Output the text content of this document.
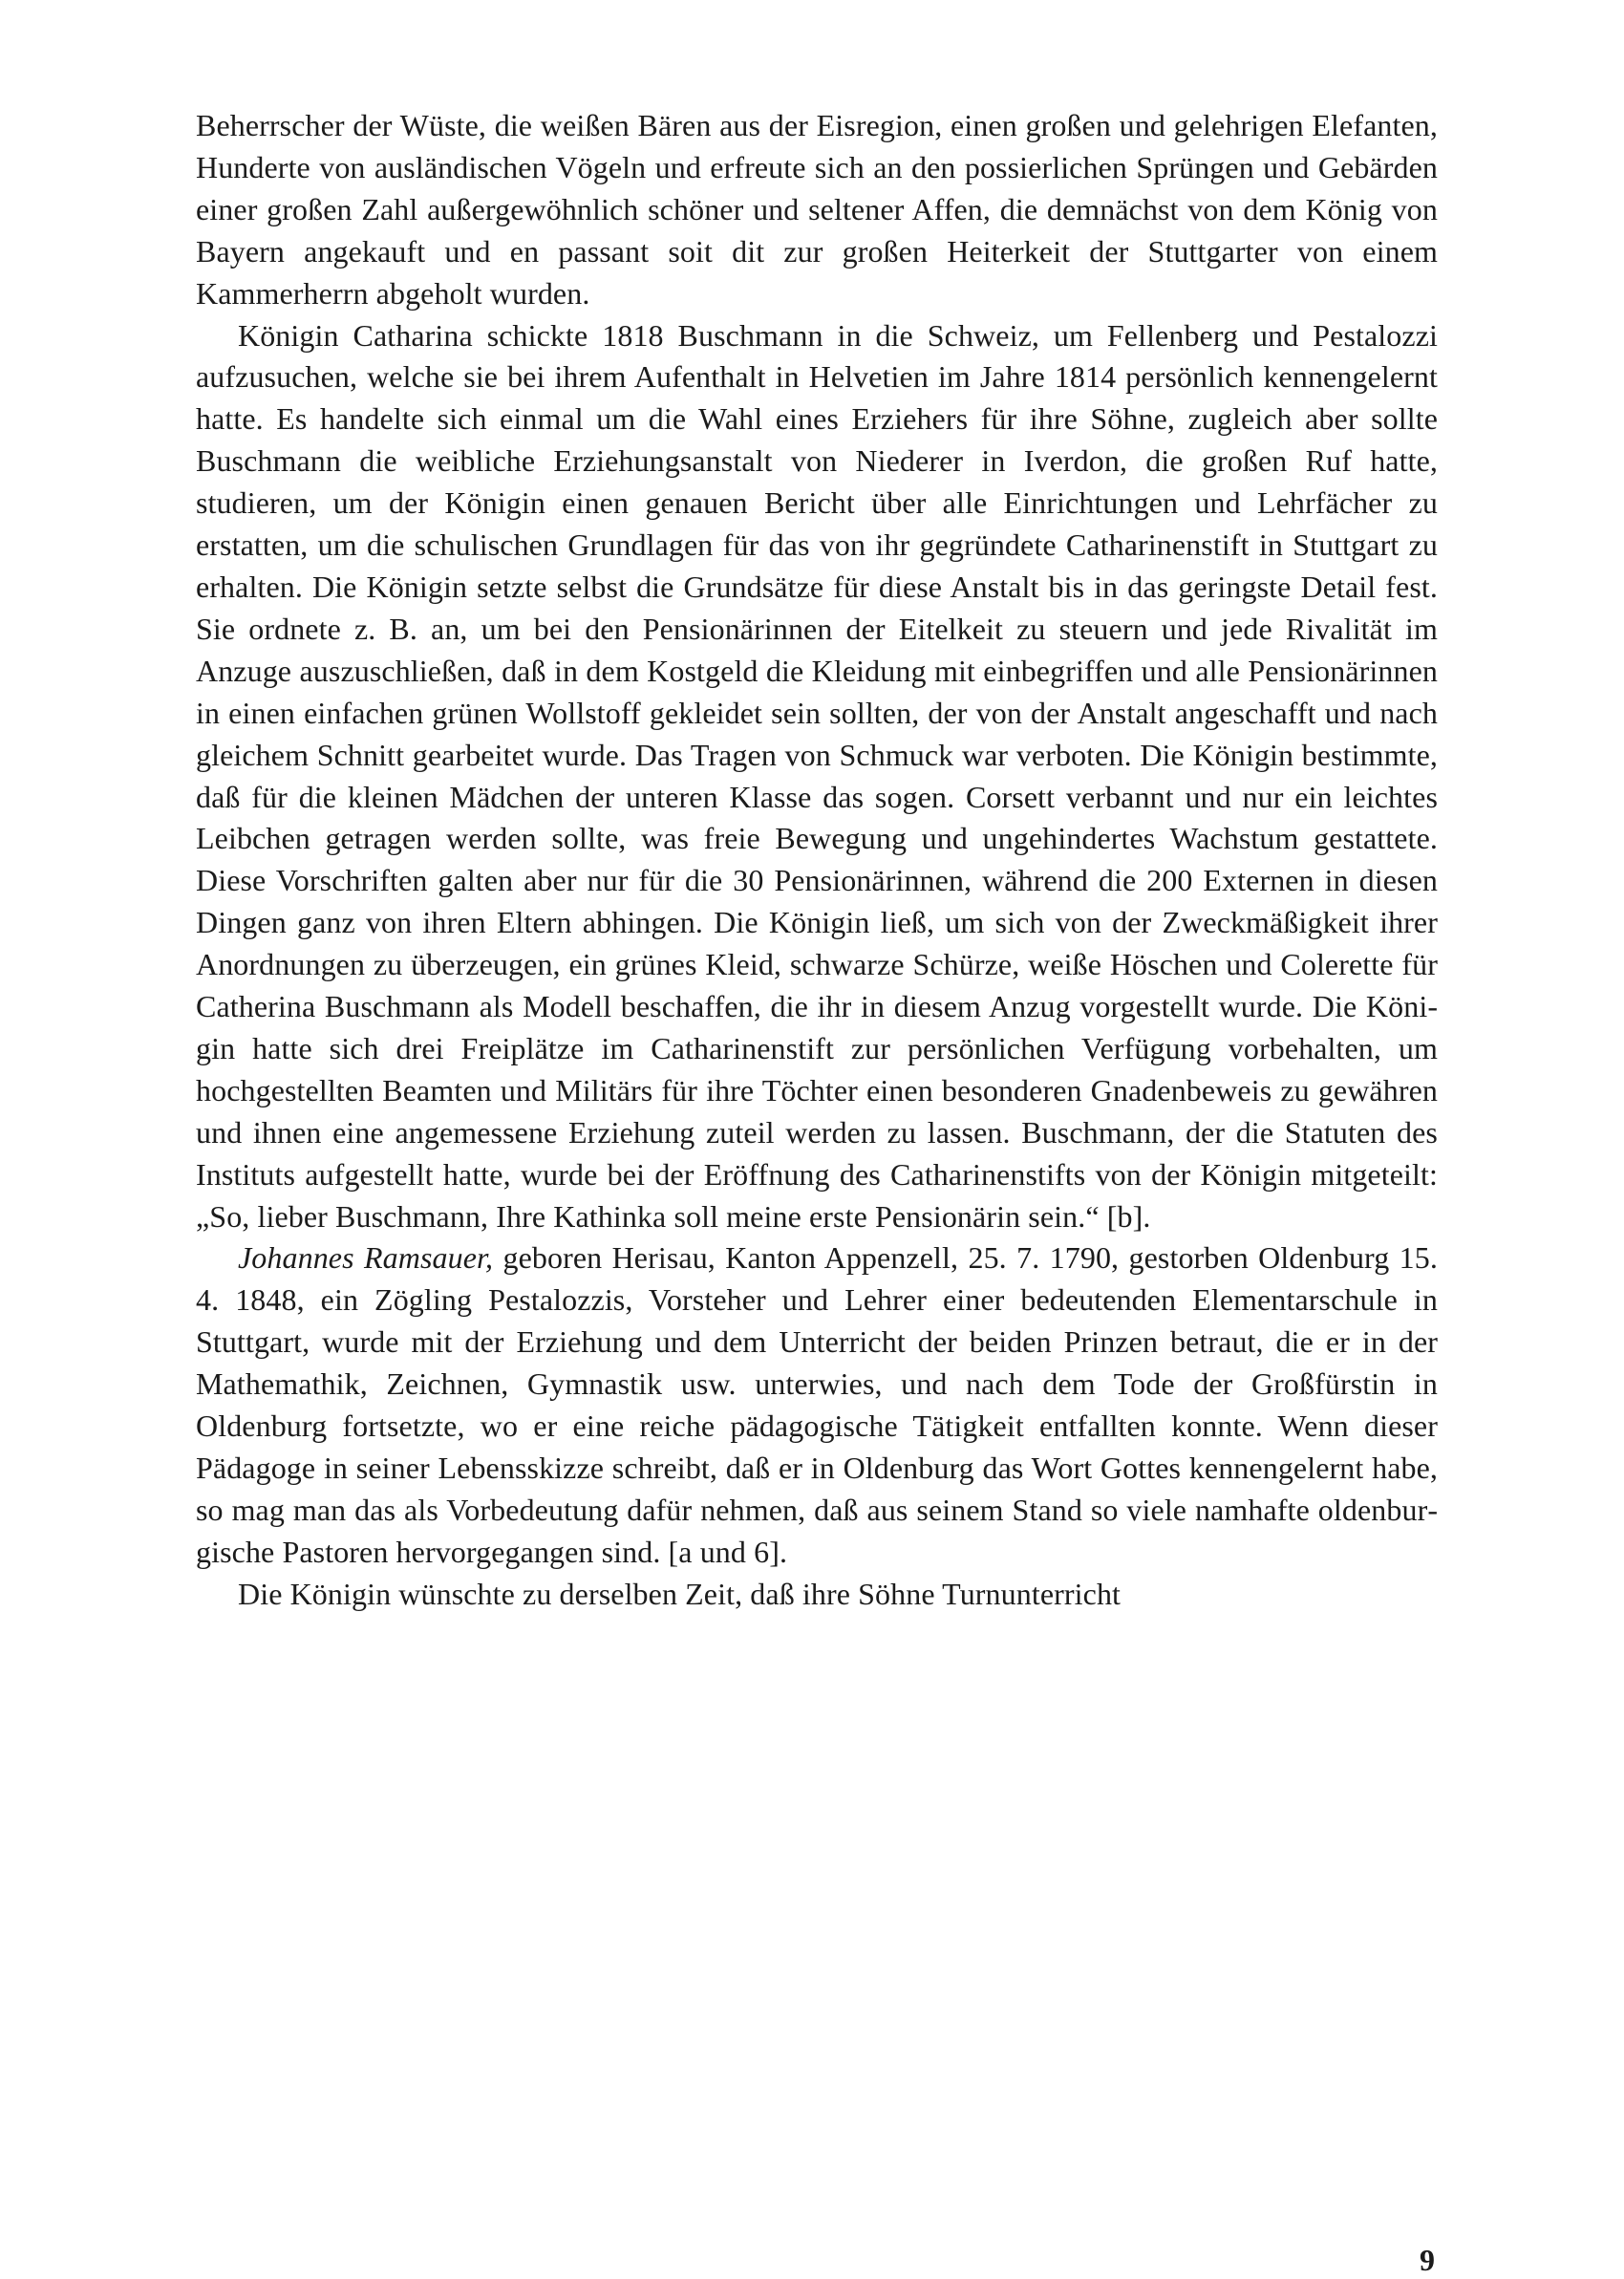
Beherrscher der Wüste, die weißen Bären aus der Eisregion, einen großen und gelehrigen Elefanten, Hunderte von ausländischen Vögeln und erfreute sich an den possierlichen Sprüngen und Gebärden einer großen Zahl außergewöhnlich schöner und seltener Affen, die demnächst von dem König von Bayern angekauft und en passant soit dit zur großen Heiterkeit der Stuttgarter von einem Kammerherrn abgeholt wurden.

Königin Catharina schickte 1818 Buschmann in die Schweiz, um Fellenberg und Pestalozzi aufzusuchen, welche sie bei ihrem Aufenthalt in Helvetien im Jahre 1814 persönlich kennengelernt hatte. Es handelte sich einmal um die Wahl eines Erziehers für ihre Söhne, zugleich aber sollte Buschmann die weibliche Erziehungsanstalt von Niederer in Iverdon, die großen Ruf hatte, studieren, um der Königin einen genauen Bericht über alle Einrichtungen und Lehrfächer zu erstatten, um die schulischen Grundlagen für das von ihr gegründete Catharinenstift in Stuttgart zu erhalten. Die Königin setzte selbst die Grundsätze für diese Anstalt bis in das geringste Detail fest. Sie ordnete z. B. an, um bei den Pensionärinnen der Eitelkeit zu steuern und jede Rivalität im Anzuge auszuschließen, daß in dem Kostgeld die Kleidung mit einbegriffen und alle Pensionärinnen in einen einfachen grünen Wollstoff gekleidet sein sollten, der von der Anstalt angeschafft und nach gleichem Schnitt gearbeitet wurde. Das Tragen von Schmuck war verboten. Die Königin bestimmte, daß für die kleinen Mädchen der unteren Klasse das sogen. Corsett verbannt und nur ein leichtes Leibchen getragen werden sollte, was freie Bewegung und ungehindertes Wachstum gestattete. Diese Vorschriften galten aber nur für die 30 Pensionärinnen, während die 200 Externen in diesen Dingen ganz von ihren Eltern abhingen. Die Königin ließ, um sich von der Zweckmäßigkeit ihrer Anordnungen zu überzeugen, ein grünes Kleid, schwarze Schürze, weiße Höschen und Colerette für Catherina Buschmann als Modell beschaffen, die ihr in diesem Anzug vorgestellt wurde. Die Königin hatte sich drei Freiplätze im Catharinenstift zur persönlichen Verfügung vorbehalten, um hochgestellten Beamten und Militärs für ihre Töchter einen besonderen Gnadenbeweis zu gewähren und ihnen eine angemessene Erziehung zuteil werden zu lassen. Buschmann, der die Statuten des Instituts aufgestellt hatte, wurde bei der Eröffnung des Catharinenstifts von der Königin mitgeteilt: „So, lieber Buschmann, Ihre Kathinka soll meine erste Pensionärin sein.“ [b].

Johannes Ramsauer, geboren Herisau, Kanton Appenzell, 25. 7. 1790, gestorben Oldenburg 15. 4. 1848, ein Zögling Pestalozzis, Vorsteher und Lehrer einer bedeutenden Elementarschule in Stuttgart, wurde mit der Erziehung und dem Unterricht der beiden Prinzen betraut, die er in der Mathemathik, Zeichnen, Gymnastik usw. unterwies, und nach dem Tode der Großfürstin in Oldenburg fortsetzte, wo er eine reiche pädagogische Tätigkeit entfallten konnte. Wenn dieser Pädagoge in seiner Lebensskizze schreibt, daß er in Oldenburg das Wort Gottes kennengelernt habe, so mag man das als Vorbedeutung dafür nehmen, daß aus seinem Stand so viele namhafte oldenburgische Pastoren hervorgegangen sind. [a und 6].

Die Königin wünschte zu derselben Zeit, daß ihre Söhne Turnunterricht

9
